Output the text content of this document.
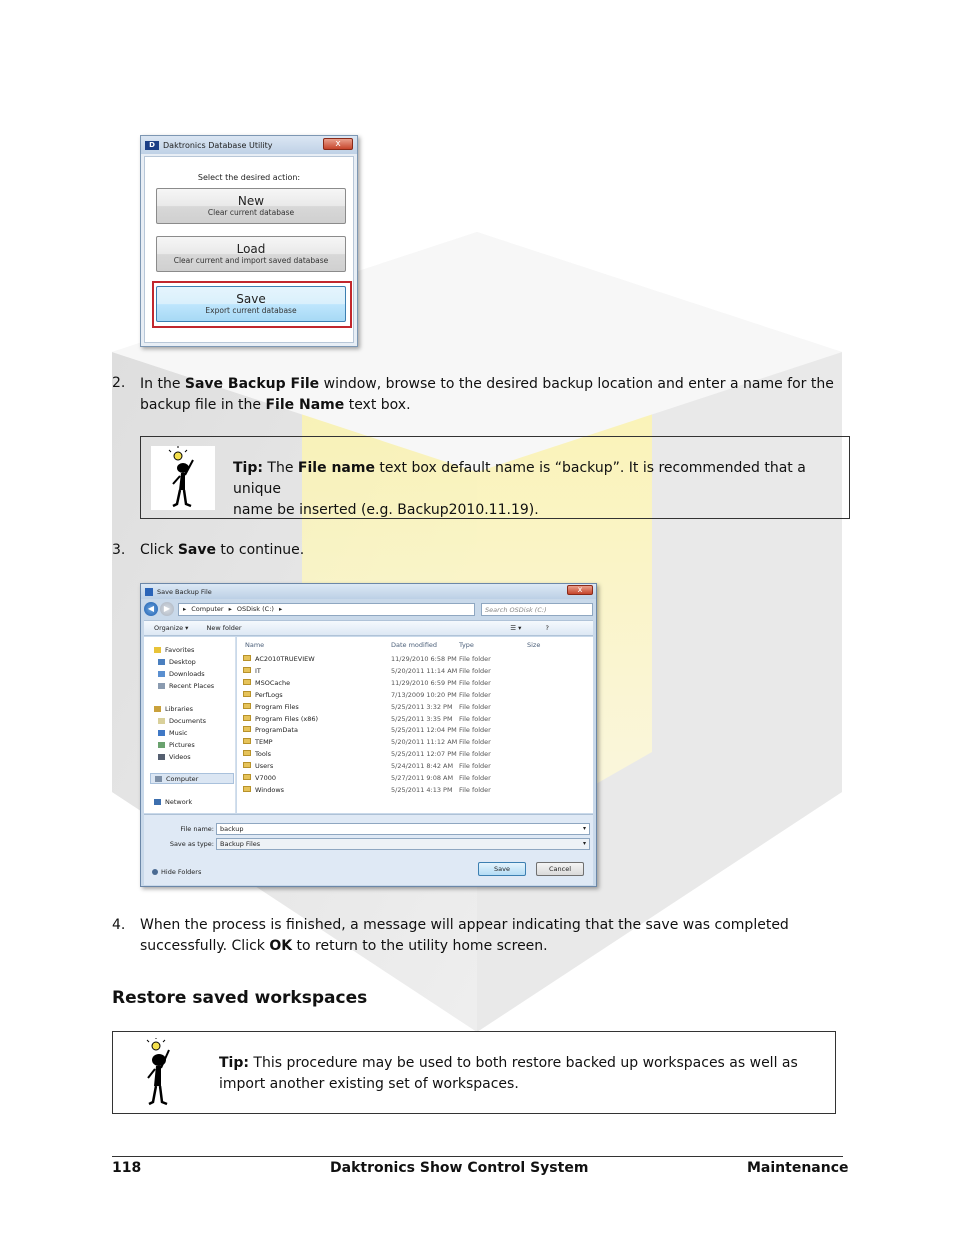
D	Daktronics Database Utility	x
Select the desired action:
New
Clear current database
Load
Clear current and import saved database
Save
Export current database
2. In the Save Backup File window, browse to the desired backup location and enter a name for the
backup file in the File Name text box.
Tip: The File name text box default name is “backup”. It is recommended that a unique
name be inserted (e.g. Backup2010.11.19).
3. Click Save to continue.
Save Backup File	x
◀	▶	▸ Computer ▸ OSDisk (C:) ▸	Search OSDisk (C:)
Organize ▾	New folder	☰ ▾	?
Favorites
Desktop
Downloads
Recent Places
Libraries
Documents
Music
Pictures
Videos
Computer
Network
Name	Date modified	Type	Size
AC2010TRUEVIEW	11/29/2010 6:58 PM File folder
IT	5/20/2011 11:14 AM File folder
MSOCache	11/29/2010 6:59 PM File folder
PerfLogs	7/13/2009 10:20 PM File folder
Program Files	5/25/2011 3:32 PM File folder
Program Files (x86)	5/25/2011 3:35 PM File folder
ProgramData	5/25/2011 12:04 PM File folder
TEMP	5/20/2011 11:12 AM File folder
Tools	5/25/2011 12:07 PM File folder
Users	5/24/2011 8:42 AM File folder
V7000	5/27/2011 9:08 AM File folder
Windows	5/25/2011 4:13 PM File folder
File name: backup	▾
Save as type: Backup Files	▾
Hide Folders	Save	Cancel
4. When the process is finished, a message will appear indicating that the save was completed
successfully. Click OK to return to the utility home screen.
Restore saved workspaces
Tip: This procedure may be used to both restore backed up workspaces as well as
import another existing set of workspaces.
118	Daktronics Show Control System	Maintenance
